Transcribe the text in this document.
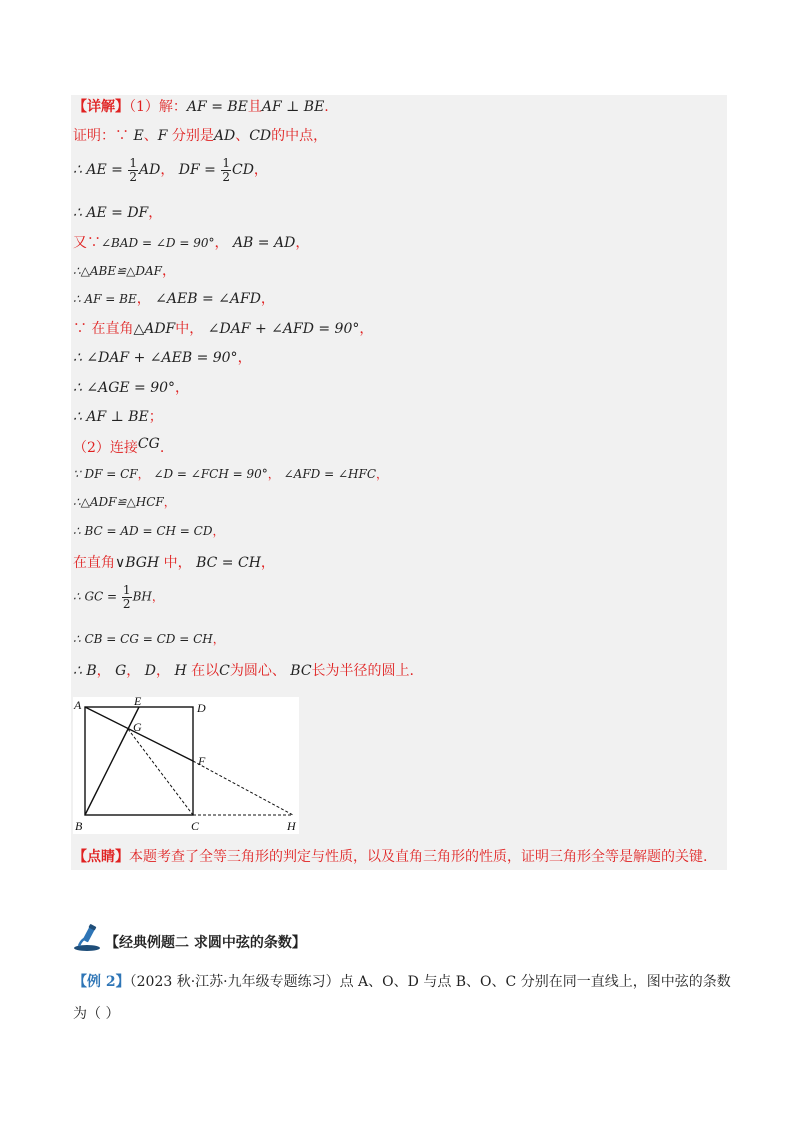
【详解】（1）解：AF = BE且AF ⊥ BE.
证明：∵ E、F 分别是AD、CD的中点，
∴ AE = $\frac{1}{2}$ AD， DF = $\frac{1}{2}$ CD，
∴ AE = DF，
又∵∠BAD = ∠D = 90°， AB = AD，
∴△ABE≌△DAF，
∴ AF = BE， ∠AEB = ∠AFD，
∵ 在直角△ADF中， ∠DAF + ∠AFD = 90°，
∴ ∠DAF + ∠AEB = 90°，
∴ ∠AGE = 90°，
∴ AF ⊥ BE；
（2）连接CG.
∵ DF = CF， ∠D = ∠FCH = 90°， ∠AFD = ∠HFC，
∴△ADF≌△HCF，
∴ BC = AD = CH = CD，
在直角∨BGH 中， BC = CH，
∴ GC = $\frac{1}{2}$ BH，
∴ CB = CG = CD = CH，
∴ B， G， D， H 在以C为圆心、 BC长为半径的圆上.
A	E	D
G
F
B	C	H
【点睛】本题考查了全等三角形的判定与性质，以及直角三角形的性质，证明三角形全等是解题的关键.
【经典例题二 求圆中弦的条数】
【例 2】（2023 秋·江苏·九年级专题练习）点 A、O、D 与点 B、O、C 分别在同一直线上，图中弦的条数
为（ ）
